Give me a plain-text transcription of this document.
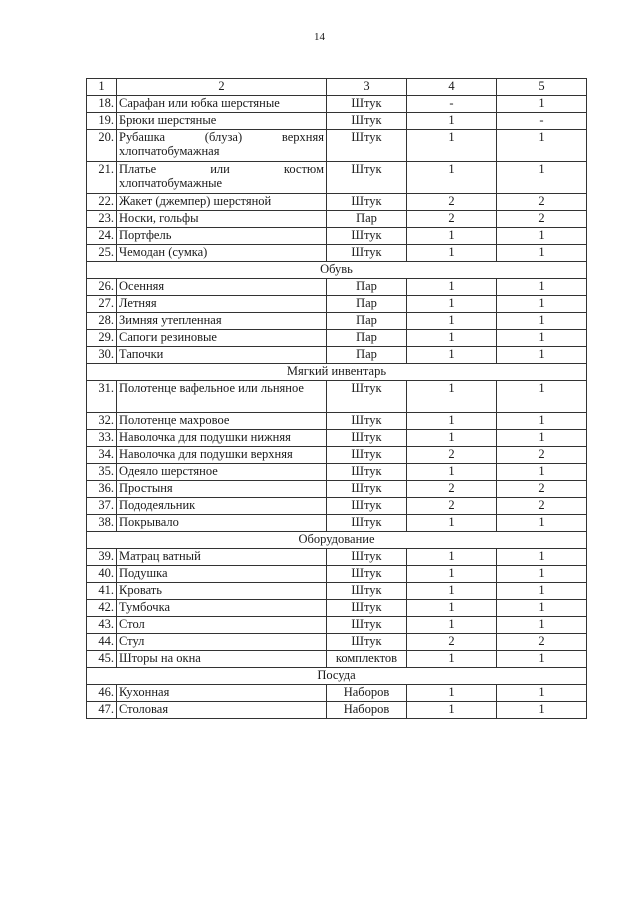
14
1	2	3	4	5
18.	Сарафан или юбка шерстяные	Штук	-	1
19.	Брюки шерстяные	Штук	1	-
20.	Рубашка (блуза) верхняя хлопчатобумажная	Штук	1	1
21.	Платье или костюм хлопчатобумажные	Штук	1	1
22.	Жакет (джемпер) шерстяной	Штук	2	2
23.	Носки, гольфы	Пар	2	2
24.	Портфель	Штук	1	1
25.	Чемодан (сумка)	Штук	1	1
Обувь				
26.	Осенняя	Пар	1	1
27.	Летняя	Пар	1	1
28.	Зимняя утепленная	Пар	1	1
29.	Сапоги резиновые	Пар	1	1
30.	Тапочки	Пар	1	1
Мягкий инвентарь				
31.	Полотенце вафельное или льняное	Штук	1	1
32.	Полотенце махровое	Штук	1	1
33.	Наволочка для подушки нижняя	Штук	1	1
34.	Наволочка для подушки верхняя	Штук	2	2
35.	Одеяло шерстяное	Штук	1	1
36.	Простыня	Штук	2	2
37.	Пододеяльник	Штук	2	2
38.	Покрывало	Штук	1	1
Оборудование				
39.	Матрац ватный	Штук	1	1
40.	Подушка	Штук	1	1
41.	Кровать	Штук	1	1
42.	Тумбочка	Штук	1	1
43.	Стол	Штук	1	1
44.	Стул	Штук	2	2
45.	Шторы на окна	комплектов	1	1
Посуда				
46.	Кухонная	Наборов	1	1
47.	Столовая	Наборов	1	1
